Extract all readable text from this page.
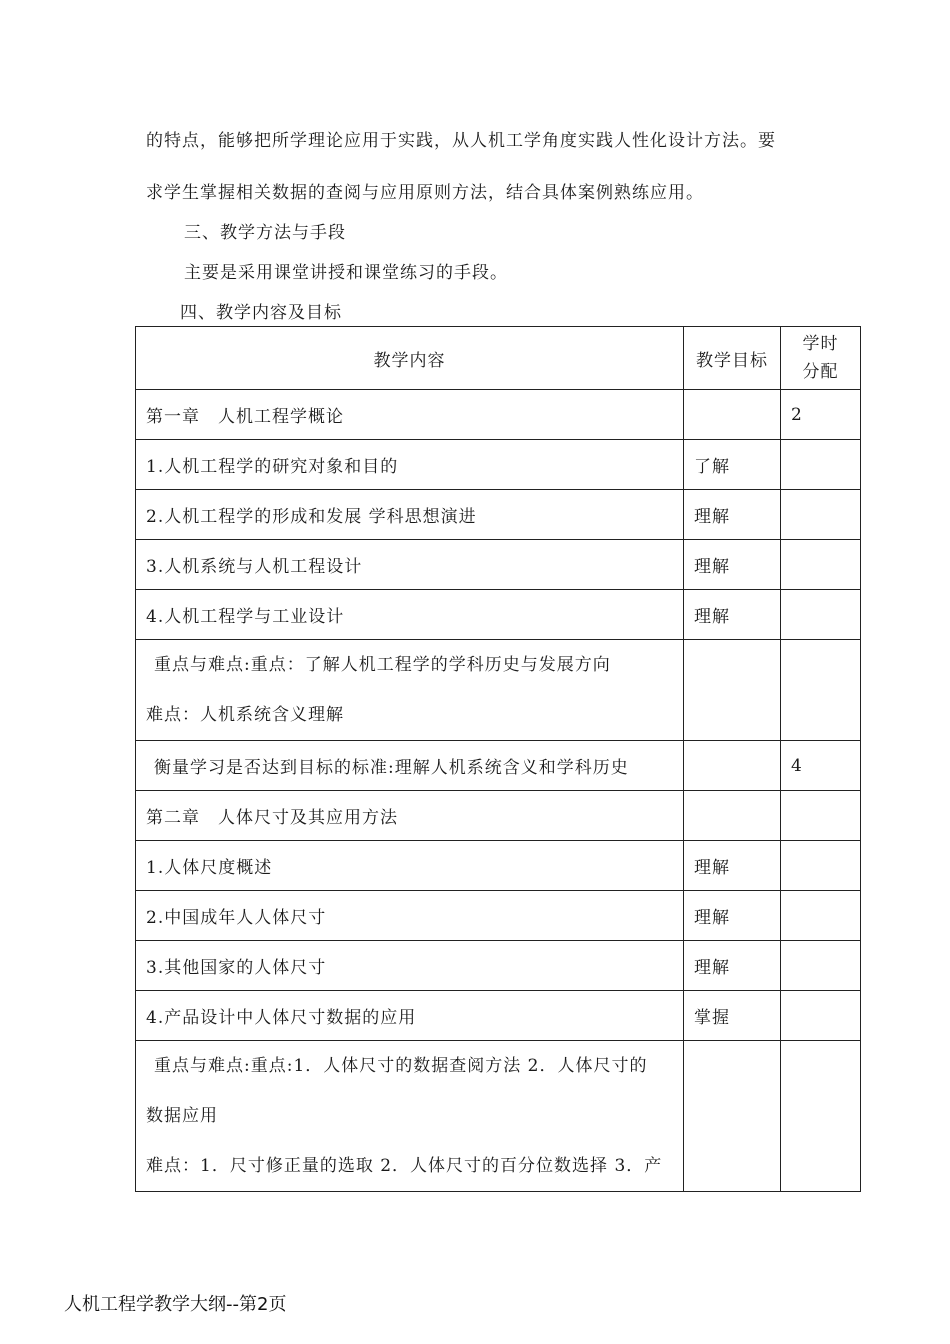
的特点，能够把所学理论应用于实践，从人机工学角度实践人性化设计方法。要
求学生掌握相关数据的查阅与应用原则方法，结合具体案例熟练应用。
三、教学方法与手段
主要是采用课堂讲授和课堂练习的手段。
四、教学内容及目标
教学内容	教学目标	学时
分配

第一章　人机工程学概论		2
1.人机工程学的研究对象和目的	了解	
2.人机工程学的形成和发展 学科思想演进	理解	
3.人机系统与人机工程设计	理解	
4.人机工程学与工业设计	理解	

重点与难点:重点：了解人机工程学的学科历史与发展方向
难点：人机系统含义理解		

衡量学习是否达到目标的标准:理解人机系统含义和学科历史		4
第二章　人体尺寸及其应用方法		
1.人体尺度概述	理解	
2.中国成年人人体尺寸	理解	
3.其他国家的人体尺寸	理解	
4.产品设计中人体尺寸数据的应用	掌握	

重点与难点:重点:1．人体尺寸的数据查阅方法 2．人体尺寸的
数据应用
难点：1．尺寸修正量的选取 2．人体尺寸的百分位数选择 3．产		

人机工程学教学大纲--第2页
